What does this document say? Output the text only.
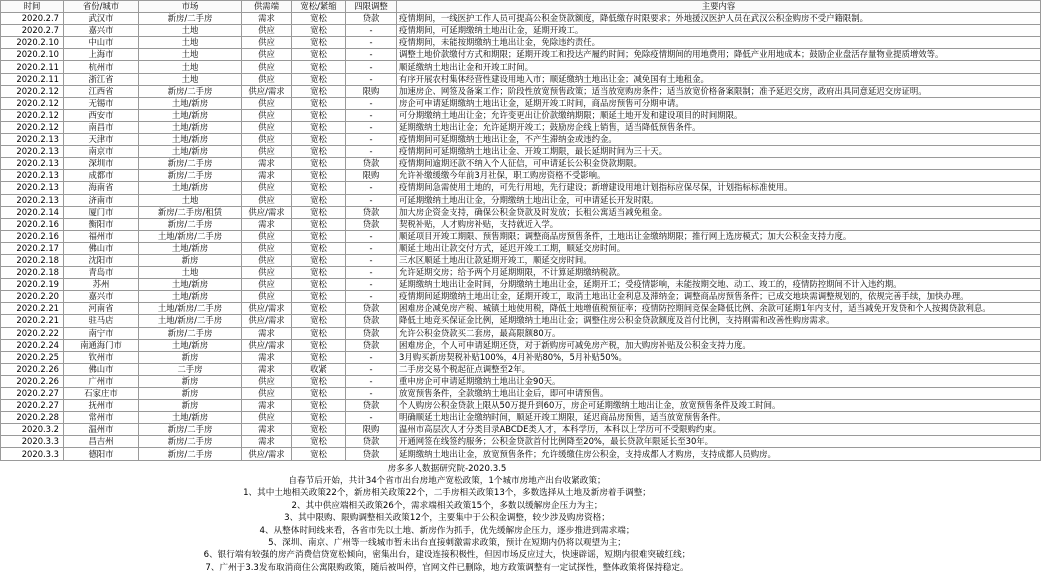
时间	省份/城市	市场	供需端	宽松/紧缩	四限调整	主要内容
2020.2.7	武汉市	新房/二手房	需求	宽松	贷款	疫情期间，一线医护工作人员可提高公积金贷款额度，降低缴存时限要求；外地援汉医护人员在武汉公积金购房不受户籍限制。
2020.2.7	嘉兴市	土地	供应	宽松	-	疫情期间，可延期缴纳土地出让金，延期开竣工。
2020.2.10	中山市	土地	供应	宽松	-	疫情期间，未能按期缴纳土地出让金，免除违约责任。
2020.2.10	上海市	土地	供应	宽松	-	调整土地价款缴付方式和期限；延期开竣工和投达产履约时间；免除疫情期间的用地费用；降低产业用地成本；鼓励企业盘活存量物业提质增效等。
2020.2.11	杭州市	土地	供应	宽松	-	顺延缴纳土地出让金和开竣工时间。
2020.2.11	浙江省	土地	供应	宽松	-	有序开展农村集体经营性建设用地入市；顺延缴纳土地出让金；减免国有土地租金。
2020.2.12	江西省	新房/二手房	供应/需求	宽松	限购	加速房企、网签及备案工作；阶段性放宽预售政策；适当放宽购房条件；适当放宽价格备案限制；准予延迟交房，政府出具同意延迟交房证明。
2020.2.12	无锡市	土地/新房	供应	宽松	-	房企可申请延期缴纳土地出让金，延期开竣工时间，商品房预售可分期申请。
2020.2.12	西安市	土地/新房	供应	宽松	-	可分期缴纳土地出让金；允许变更出让价款缴纳期限；顺延土地开发和建设项目的时间期限。
2020.2.12	南昌市	土地/新房	供应	宽松	-	延期缴纳土地出让金；允许延期开竣工；鼓励房企线上销售，适当降低预售条件。
2020.2.13	天津市	土地/新房	供应	宽松	-	疫情期间可延期缴纳土地出让金，不产生滞纳金或违约金。
2020.2.13	南京市	土地/新房	供应	宽松	-	疫情期间可延期缴纳土地出让金、开竣工期限，最长延期时间为三十天。
2020.2.13	深圳市	新房/二手房	需求	宽松	贷款	疫情期间逾期还款不纳入个人征信，可申请延长公积金贷款期限。
2020.2.13	成都市	新房/二手房	需求	宽松	限购	允许补缴缓缴今年前3月社保，职工购房资格不受影响。
2020.2.13	海南省	土地/新房	供应	宽松	-	疫情期间急需使用土地的，可先行用地，先行建设；新增建设用地计划指标应保尽保，计划指标标准使用。
2020.2.13	济南市	土地	供应	宽松	-	可延期缴纳土地出让金，分期缴纳土地出让金，可申请延长开发时限。
2020.2.14	厦门市	新房/二手房/租赁	供应/需求	宽松	贷款	加大房企资金支持，确保公积金贷款及时发放；长租公寓适当减免租金。
2020.2.16	衡阳市	新房/二手房	需求	宽松	贷款	契税补贴，人才购房补贴，支持就近入学。
2020.2.16	福州市	土地/新房/二手房	供应	宽松	-	顺延项目开竣工期限、预售期限；调整商品房预售条件，土地出让金缴纳期限；推行网上选房模式；加大公积金支持力度。
2020.2.17	佛山市	土地/新房	供应	宽松	-	顺延土地出让款交付方式，延迟开竣工工期，顺延交房时间。
2020.2.18	沈阳市	新房	供应	宽松	-	三水区顺延土地出让款延期开竣工，顺延交房时间。
2020.2.18	青岛市	土地	供应	宽松	-	允许延期交房；给予两个月延期期限，不计算延期缴纳税款。
2020.2.19	苏州	土地/新房	供应	宽松	-	延期缴纳土地出让金时间，分期缴纳土地出让金，延期开工；受疫情影响，未能按期交地、动工、竣工的，疫情防控期间不计入违约期。
2020.2.20	嘉兴市	土地/新房	供应	宽松	-	疫情期间延期缴纳土地出让金，延期开竣工，取消土地出让金利息及滞纳金；调整商品房预售条件；已成交地块需调整规划的，依规完善手续，加快办理。
2020.2.21	河南省	土地/新房/二手房	供应/需求	宽松	贷款	困难房企减免房产税、城镇土地使用税，降低土地增值税预征率；疫情防控期间竞保金降低比例、余款可延期1年内支付，适当减免开发贷和个人按揭贷款利息。
2020.2.21	驻马店	土地/新房/二手房	供应/需求	宽松	贷款	降低土地竞买保证金比例，延期缴纳土地出让金；调整住房公积金贷款额度及首付比例，支持刚需和改善性购房需求。
2020.2.22	南宁市	新房/二手房	需求	宽松	贷款	允许公积金贷款买二套房，最高限额80万。
2020.2.24	南通海门市	土地/新房	供应/需求	宽松	贷款	困难房企，个人可申请延期还贷，对于新购房可减免房产税，加大购房补贴及公积金支持力度。
2020.2.25	钦州市	新房	需求	宽松	-	3月购买新房契税补贴100%，4月补贴80%，5月补贴50%。
2020.2.26	佛山市	二手房	需求	收紧	-	二手房交易个税起征点调整至2年。
2020.2.26	广州市	新房	供应	宽松	-	重申房企可申请延期缴纳土地出让金90天。
2020.2.27	石家庄市	新房	供应	宽松	-	放宽预售条件，全款缴纳土地出让金后，即可申请预售。
2020.2.27	抚州市	新房	需求	宽松	贷款	个人购房公积金贷款上限从50万提升到60万，房企可延期缴纳土地出让金，放宽预售条件及竣工时间。
2020.2.28	常州市	土地/新房	供应	宽松	-	明确顺延土地出让金缴纳时间，顺延开竣工期限，延迟商品房预售，适当放宽预售条件。
2020.3.2	温州市	新房/二手房	需求	宽松	限购	温州市高层次人才分类目录ABCDE类人才，本科学历，本科以上学历可不受限购约束。
2020.3.3	昌吉州	新房/二手房	需求	宽松	贷款	开通网签在线签约服务；公积金贷款首付比例降至20%，最长贷款年限延长至30年。
2020.3.3	德阳市	新房/二手房	供应/需求	宽松	贷款	延期缴纳土地出让金，放宽预售条件；允许缓缴住房公积金，支持成都人才购房，支持成都人员购房。
房多多人数据研究院-2020.3.5
自春节后开始，共计34个省市出台房地产宽松政策，1个城市房地产出台收紧政策；
1、其中土地相关政策22个，新房相关政策22个，二手房相关政策13个，多数选择从土地及新房着手调整；
2、其中供应端相关政策26个，需求端相关政策15个，多数以缓解房企压力为主；
3、其中限购、限购调整相关政策12个，主要集中于公积金调整，较少涉及购房资格；
4、从整体时间线来看，各省市先以土地、新房作为抓手，优先缓解房企压力，逐步推进到需求端；
5、深圳、南京、广州等一线城市暂未出台直接刺激需求政策，预计在短期内仍将以观望为主；
6、银行端有较强的房产消费信贷宽松倾向，密集出台，建设连接积极性，但因市场反应过大，快速辟谣，短期内很难突破红线；
7、广州于3.3发布取消商住公寓限购政策，随后被叫停，官网文件已删除，地方政策调整有一定试探性，整体政策将保持稳定。
